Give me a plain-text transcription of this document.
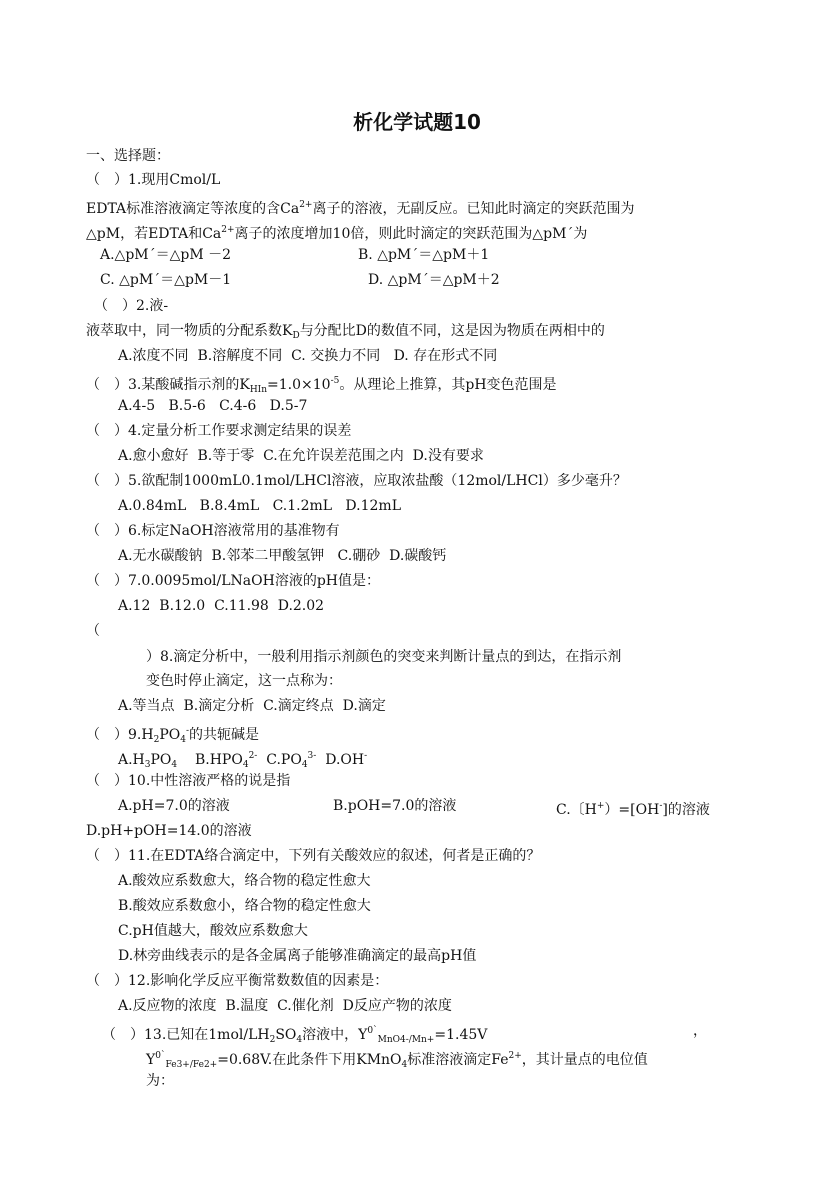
析化学试题10
一、选择题：
（　）1.现用Cmol/L
EDTA标准溶液滴定等浓度的含$Ca^{2+}$离子的溶液，无副反应。已知此时滴定的突跃范围为
△pM，若EDTA和$Ca^{2+}$离子的浓度增加10倍，则此时滴定的突跃范围为△pM´为
A.△pM´＝△pM －2	B. △pM´＝△pM＋1
C. △pM´＝△pM－1	D. △pM´＝△pM＋2
（　）2.液-
液萃取中，同一物质的分配系数$K_D$与分配比D的数值不同，这是因为物质在两相中的
A.浓度不同  B.溶解度不同  C. 交换力不同   D. 存在形式不同
（　）3.某酸碱指示剂的$K_{HIn}=1.0\times 10^{-5}$。从理论上推算，其pH变色范围是
A.4-5   B.5-6   C.4-6   D.5-7
（　）4.定量分析工作要求测定结果的误差
A.愈小愈好  B.等于零  C.在允许误差范围之内  D.没有要求
（　）5.欲配制1000mL0.1mol/LHCl溶液，应取浓盐酸（12mol/LHCl）多少毫升？
A.0.84mL   B.8.4mL   C.1.2mL   D.12mL
（　）6.标定NaOH溶液常用的基准物有
A.无水碳酸钠  B.邻苯二甲酸氢钾   C.硼砂  D.碳酸钙
（　）7.0.0095mol/LNaOH溶液的pH值是：
A.12  B.12.0  C.11.98  D.2.02
（
）8.滴定分析中，一般利用指示剂颜色的突变来判断计量点的到达，在指示剂
变色时停止滴定，这一点称为：
A.等当点  B.滴定分析  C.滴定终点  D.滴定
（　）$9.H_2PO_4^-$的共轭碱是
$A.H_3PO_4$ $B.HPO_4^{2-}$ $C.PO_4^{3-}$ D.OH-
（　）10.中性溶液严格的说是指
A.pH=7.0的溶液	B.pOH=7.0的溶液	C.〔H+）=[OH-]的溶液
D.pH+pOH=14.0的溶液
（　）11.在EDTA络合滴定中，下列有关酸效应的叙述，何者是正确的？
A.酸效应系数愈大，络合物的稳定性愈大
B.酸效应系数愈小，络合物的稳定性愈大
C.pH值越大，酸效应系数愈大
D.林旁曲线表示的是各金属离子能够准确滴定的最高pH值
（　）12.影响化学反应平衡常数数值的因素是：
A.反应物的浓度  B.温度  C.催化剂  D反应产物的浓度
（　）13.已知在$1mol/LH_2SO_4$溶液中，$Y^{0`}_{MnO4-/Mn+}=1.45V$	，
$Y^{0`}_{Fe3+/Fe2+}=0.68V$.在此条件下用KMnO$_4$标准溶液滴定$Fe^{2+}$，其计量点的电位值
为：
